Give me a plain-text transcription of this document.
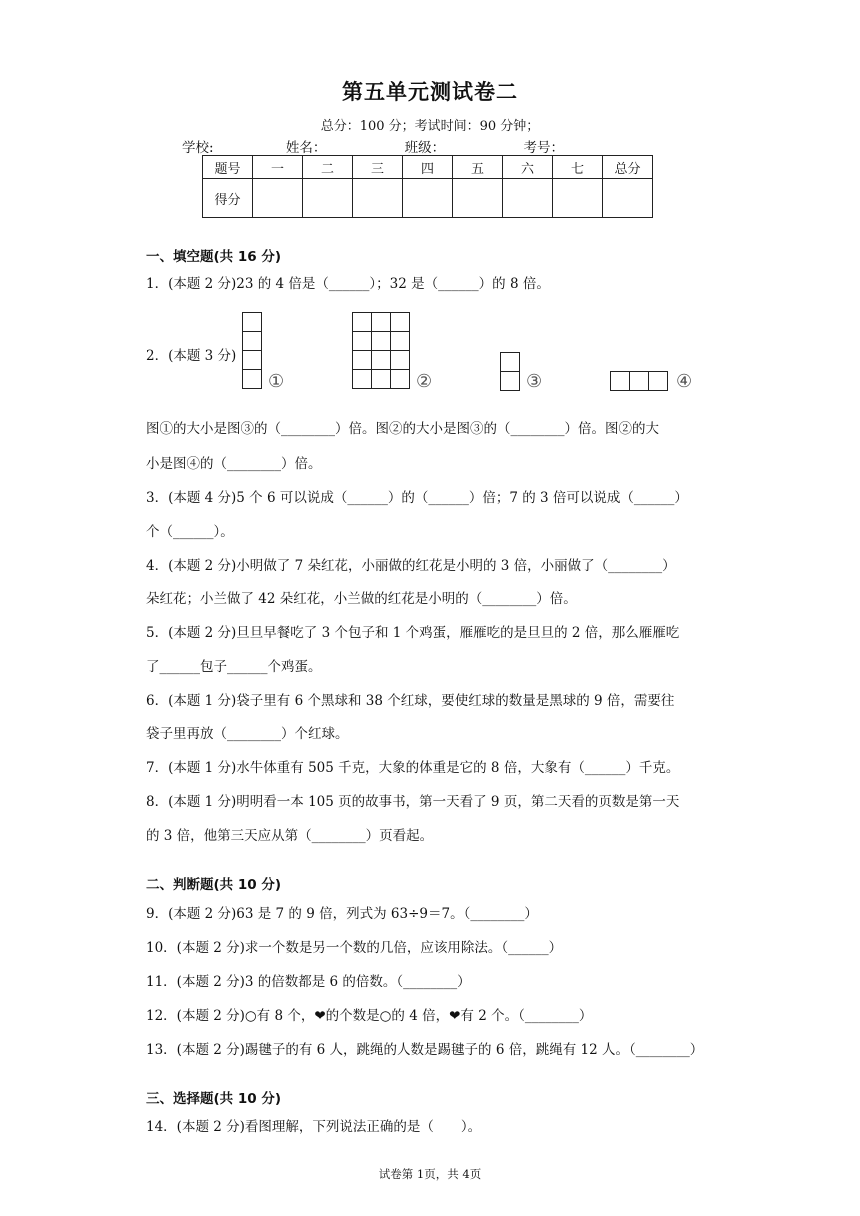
第五单元测试卷二
总分：100 分；考试时间：90 分钟；
学校:	姓名：	班级：	考号：
题号	一	二	三	四	五	六	七	总分
得分								
一、填空题(共 16 分)
1．(本题 2 分)23 的 4 倍是（______）；32 是（______）的 8 倍。
2．(本题 3 分)
①	②	③	④
图①的大小是图③的（________）倍。图②的大小是图③的（________）倍。图②的大
小是图④的（________）倍。
3．(本题 4 分)5 个 6 可以说成（______）的（______）倍；7 的 3 倍可以说成（______）
个（______）。
4．(本题 2 分)小明做了 7 朵红花，小丽做的红花是小明的 3 倍，小丽做了（________）
朵红花；小兰做了 42 朵红花，小兰做的红花是小明的（________）倍。
5．(本题 2 分)旦旦早餐吃了 3 个包子和 1 个鸡蛋，雁雁吃的是旦旦的 2 倍，那么雁雁吃
了______包子______个鸡蛋。
6．(本题 1 分)袋子里有 6 个黑球和 38 个红球，要使红球的数量是黑球的 9 倍，需要往
袋子里再放（________）个红球。
7．(本题 1 分)水牛体重有 505 千克，大象的体重是它的 8 倍，大象有（______）千克。
8．(本题 1 分)明明看一本 105 页的故事书，第一天看了 9 页，第二天看的页数是第一天
的 3 倍，他第三天应从第（________）页看起。
二、判断题(共 10 分)
9．(本题 2 分)63 是 7 的 9 倍，列式为 63÷9＝7。（________）
10．(本题 2 分)求一个数是另一个数的几倍，应该用除法。（______）
11．(本题 2 分)3 的倍数都是 6 的倍数。（________）
12．(本题 2 分)○有 8 个，❤的个数是○的 4 倍，❤有 2 个。（________）
13．(本题 2 分)踢毽子的有 6 人，跳绳的人数是踢毽子的 6 倍，跳绳有 12 人。（________）
三、选择题(共 10 分)
14．(本题 2 分)看图理解，下列说法正确的是（　　）。
试卷第 1页，共 4页
